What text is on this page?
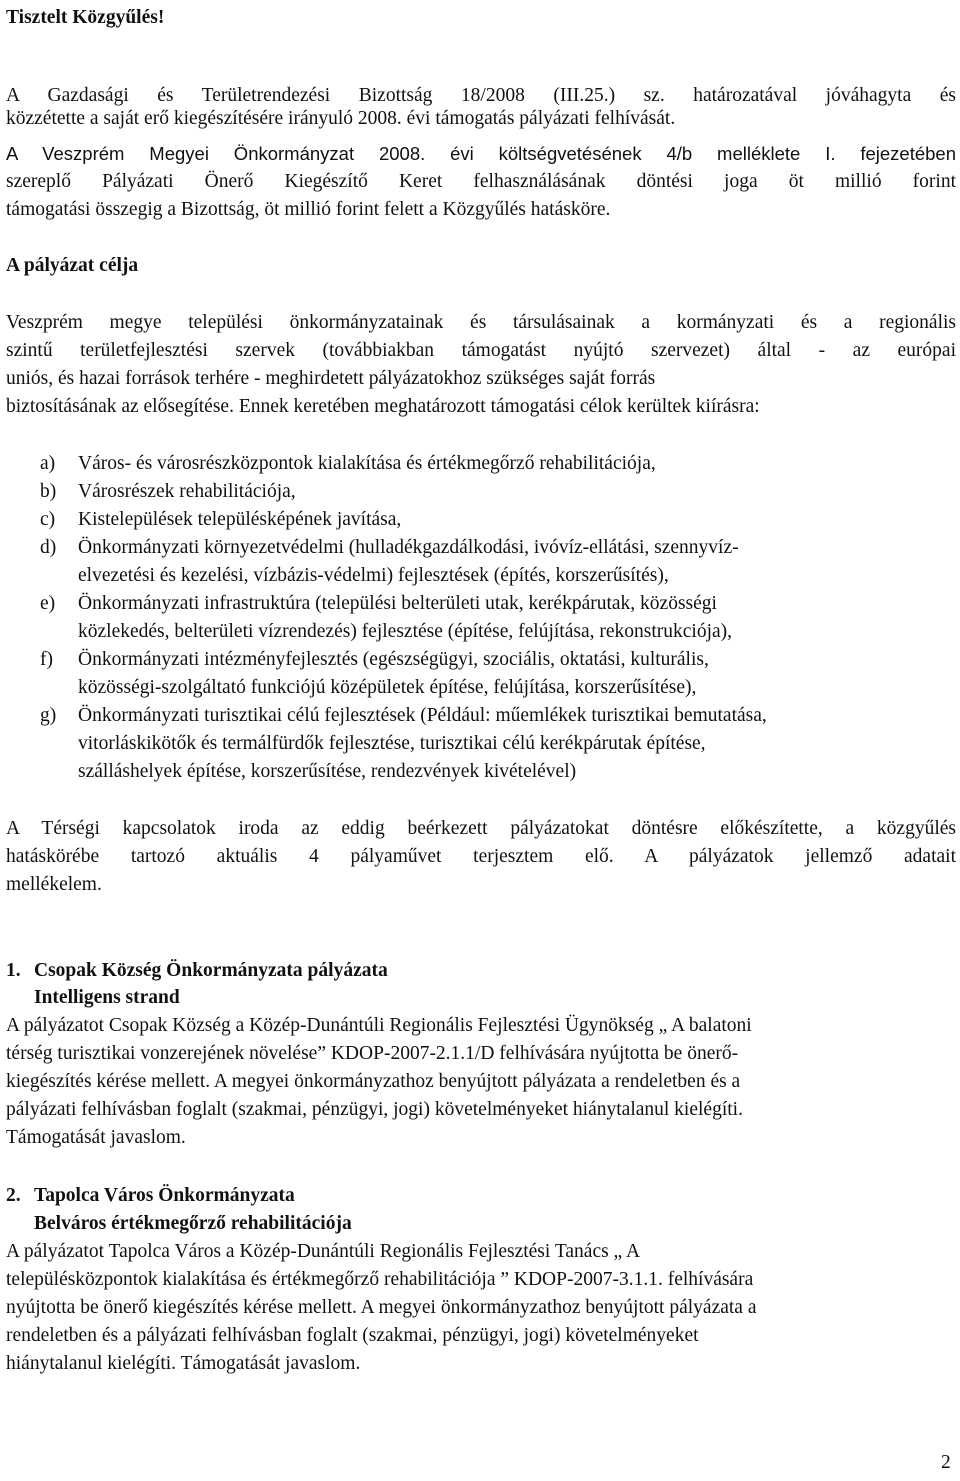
Tisztelt Közgyűlés!
A Gazdasági és Területrendezési Bizottság 18/2008 (III.25.) sz. határozatával jóváhagyta és
közzétette a saját erő kiegészítésére irányuló 2008. évi támogatás pályázati felhívását.
A Veszprém Megyei Önkormányzat 2008. évi költségvetésének 4/b melléklete I. fejezetében
szereplő Pályázati Önerő Kiegészítő Keret felhasználásának döntési joga öt millió forint
támogatási összegig a Bizottság, öt millió forint felett a Közgyűlés hatásköre.
A pályázat célja
Veszprém megye települési önkormányzatainak és társulásainak a kormányzati és a regionális
szintű területfejlesztési szervek (továbbiakban támogatást nyújtó szervezet) által - az európai
uniós, és hazai források terhére - meghirdetett pályázatokhoz szükséges saját forrás
biztosításának az elősegítése. Ennek keretében meghatározott támogatási célok kerültek kiírásra:
a) Város- és városrészközpontok kialakítása és értékmegőrző rehabilitációja,
b) Városrészek rehabilitációja,
c) Kistelepülések településképének javítása,
d) Önkormányzati környezetvédelmi (hulladékgazdálkodási, ivóvíz-ellátási, szennyvíz-
elvezetési és kezelési, vízbázis-védelmi) fejlesztések (építés, korszerűsítés),
e) Önkormányzati infrastruktúra (települési belterületi utak, kerékpárutak, közösségi
közlekedés, belterületi vízrendezés) fejlesztése (építése, felújítása, rekonstrukciója),
f) Önkormányzati intézményfejlesztés (egészségügyi, szociális, oktatási, kulturális,
közösségi-szolgáltató funkciójú középületek építése, felújítása, korszerűsítése),
g) Önkormányzati turisztikai célú fejlesztések (Például: műemlékek turisztikai bemutatása,
vitorláskikötők és termálfürdők fejlesztése, turisztikai célú kerékpárutak építése,
szálláshelyek építése, korszerűsítése, rendezvények kivételével)
A Térségi kapcsolatok iroda az eddig beérkezett pályázatokat döntésre előkészítette, a közgyűlés
hatáskörébe tartozó aktuális 4 pályaművet terjesztem elő. A pályázatok jellemző adatait
mellékelem.
1. Csopak Község Önkormányzata pályázata
Intelligens strand
A pályázatot Csopak Község a Közép-Dunántúli Regionális Fejlesztési Ügynökség „ A balatoni
térség turisztikai vonzerejének növelése” KDOP-2007-2.1.1/D felhívására nyújtotta be önerő-
kiegészítés kérése mellett. A megyei önkormányzathoz benyújtott pályázata a rendeletben és a
pályázati felhívásban foglalt (szakmai, pénzügyi, jogi) követelményeket hiánytalanul kielégíti.
Támogatását javaslom.
2. Tapolca Város Önkormányzata
Belváros értékmegőrző rehabilitációja
A pályázatot Tapolca Város a Közép-Dunántúli Regionális Fejlesztési Tanács „ A
településközpontok kialakítása és értékmegőrző rehabilitációja ” KDOP-2007-3.1.1. felhívására
nyújtotta be önerő kiegészítés kérése mellett. A megyei önkormányzathoz benyújtott pályázata a
rendeletben és a pályázati felhívásban foglalt (szakmai, pénzügyi, jogi) követelményeket
hiánytalanul kielégíti. Támogatását javaslom.
2
